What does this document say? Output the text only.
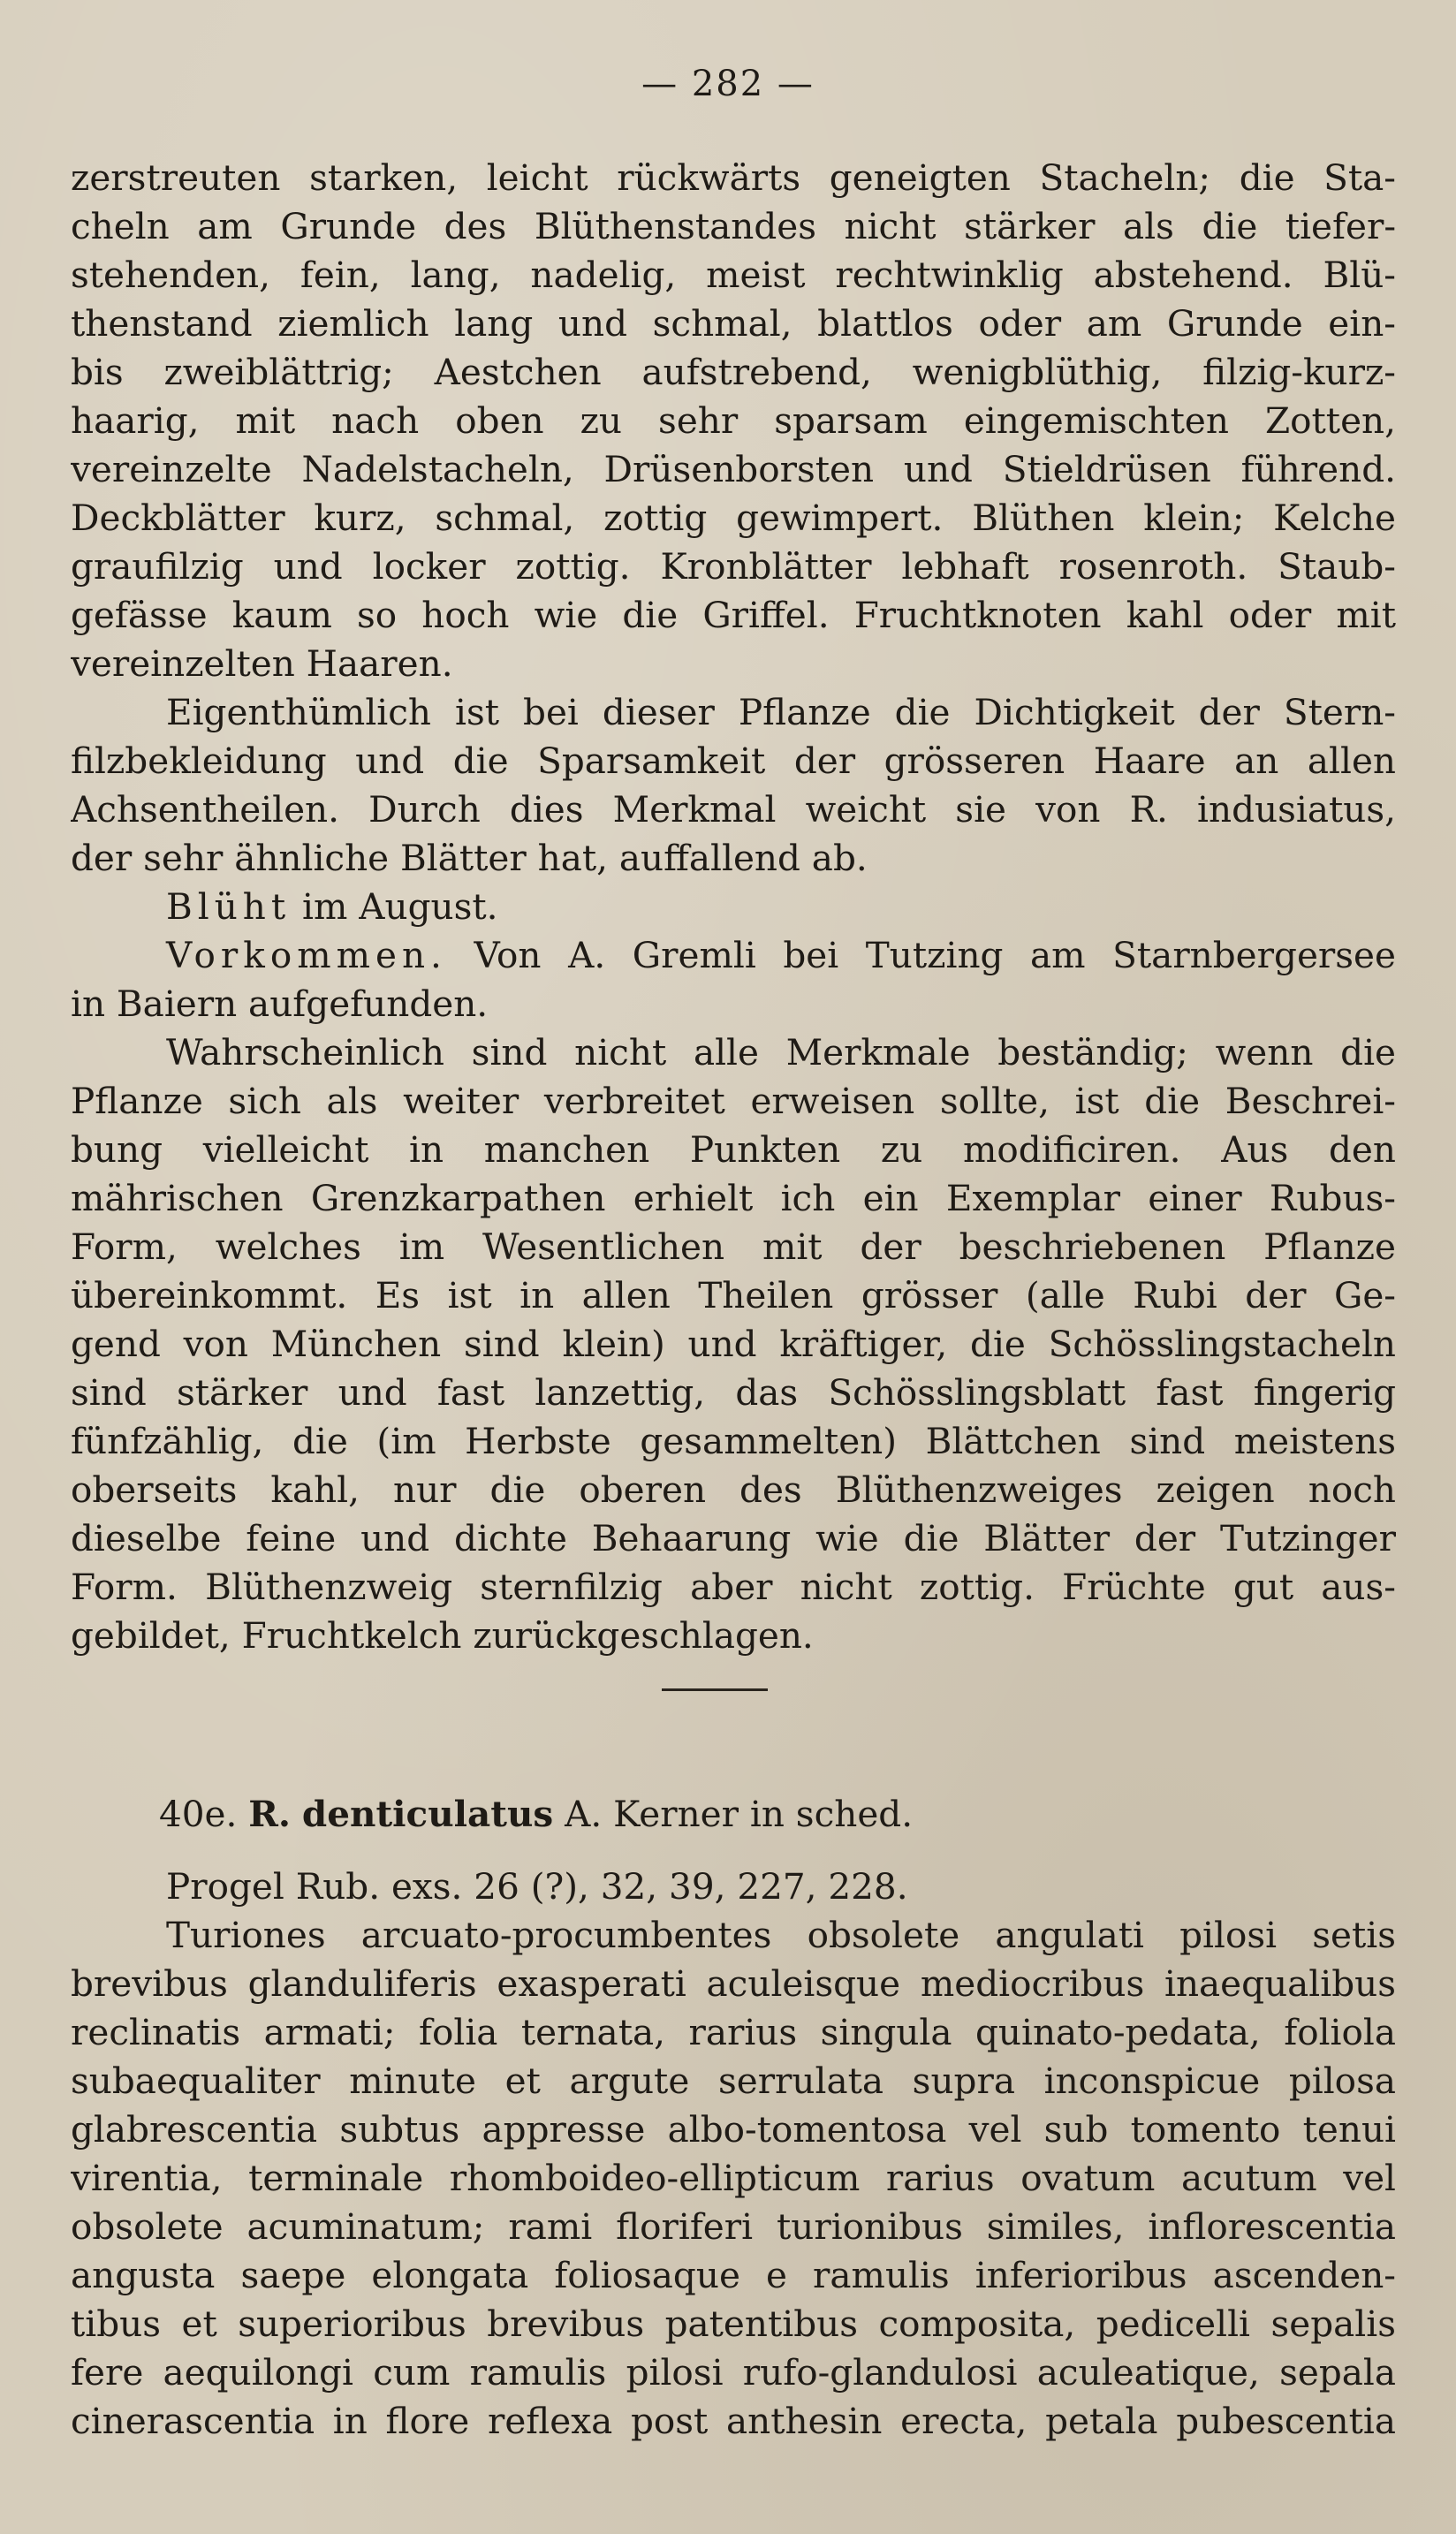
— 282 —
zerstreuten starken, leicht rückwärts geneigten Stacheln; die Sta-
cheln am Grunde des Blüthenstandes nicht stärker als die tiefer-
stehenden, fein, lang, nadelig, meist rechtwinklig abstehend. Blü-
thenstand ziemlich lang und schmal, blattlos oder am Grunde ein-
bis zweiblättrig; Aestchen aufstrebend, wenigblüthig, filzig-kurz-
haarig, mit nach oben zu sehr sparsam eingemischten Zotten,
vereinzelte Nadelstacheln, Drüsenborsten und Stieldrüsen führend.
Deckblätter kurz, schmal, zottig gewimpert. Blüthen klein; Kelche
graufilzig und locker zottig. Kronblätter lebhaft rosenroth. Staub-
gefässe kaum so hoch wie die Griffel. Fruchtknoten kahl oder mit
vereinzelten Haaren.
Eigenthümlich ist bei dieser Pflanze die Dichtigkeit der Stern-
filzbekleidung und die Sparsamkeit der grösseren Haare an allen
Achsentheilen. Durch dies Merkmal weicht sie von R. indusiatus,
der sehr ähnliche Blätter hat, auffallend ab.
Blüht im August.
Vorkommen. Von A. Gremli bei Tutzing am Starnbergersee
in Baiern aufgefunden.
Wahrscheinlich sind nicht alle Merkmale beständig; wenn die
Pflanze sich als weiter verbreitet erweisen sollte, ist die Beschrei-
bung vielleicht in manchen Punkten zu modificiren. Aus den
mährischen Grenzkarpathen erhielt ich ein Exemplar einer Rubus-
Form, welches im Wesentlichen mit der beschriebenen Pflanze
übereinkommt. Es ist in allen Theilen grösser (alle Rubi der Ge-
gend von München sind klein) und kräftiger, die Schösslingstacheln
sind stärker und fast lanzettig, das Schösslingsblatt fast fingerig
fünfzählig, die (im Herbste gesammelten) Blättchen sind meistens
oberseits kahl, nur die oberen des Blüthenzweiges zeigen noch
dieselbe feine und dichte Behaarung wie die Blätter der Tutzinger
Form. Blüthenzweig sternfilzig aber nicht zottig. Früchte gut aus-
gebildet, Fruchtkelch zurückgeschlagen.
40e. R. denticulatus A. Kerner in sched.
Progel Rub. exs. 26 (?), 32, 39, 227, 228.
Turiones arcuato-procumbentes obsolete angulati pilosi setis
brevibus glanduliferis exasperati aculeisque mediocribus inaequalibus
reclinatis armati; folia ternata, rarius singula quinato-pedata, foliola
subaequaliter minute et argute serrulata supra inconspicue pilosa
glabrescentia subtus appresse albo-tomentosa vel sub tomento tenui
virentia, terminale rhomboideo-ellipticum rarius ovatum acutum vel
obsolete acuminatum; rami floriferi turionibus similes, inflorescentia
angusta saepe elongata foliosaque e ramulis inferioribus ascenden-
tibus et superioribus brevibus patentibus composita, pedicelli sepalis
fere aequilongi cum ramulis pilosi rufo-glandulosi aculeatique, sepala
cinerascentia in flore reflexa post anthesin erecta, petala pubescentia
